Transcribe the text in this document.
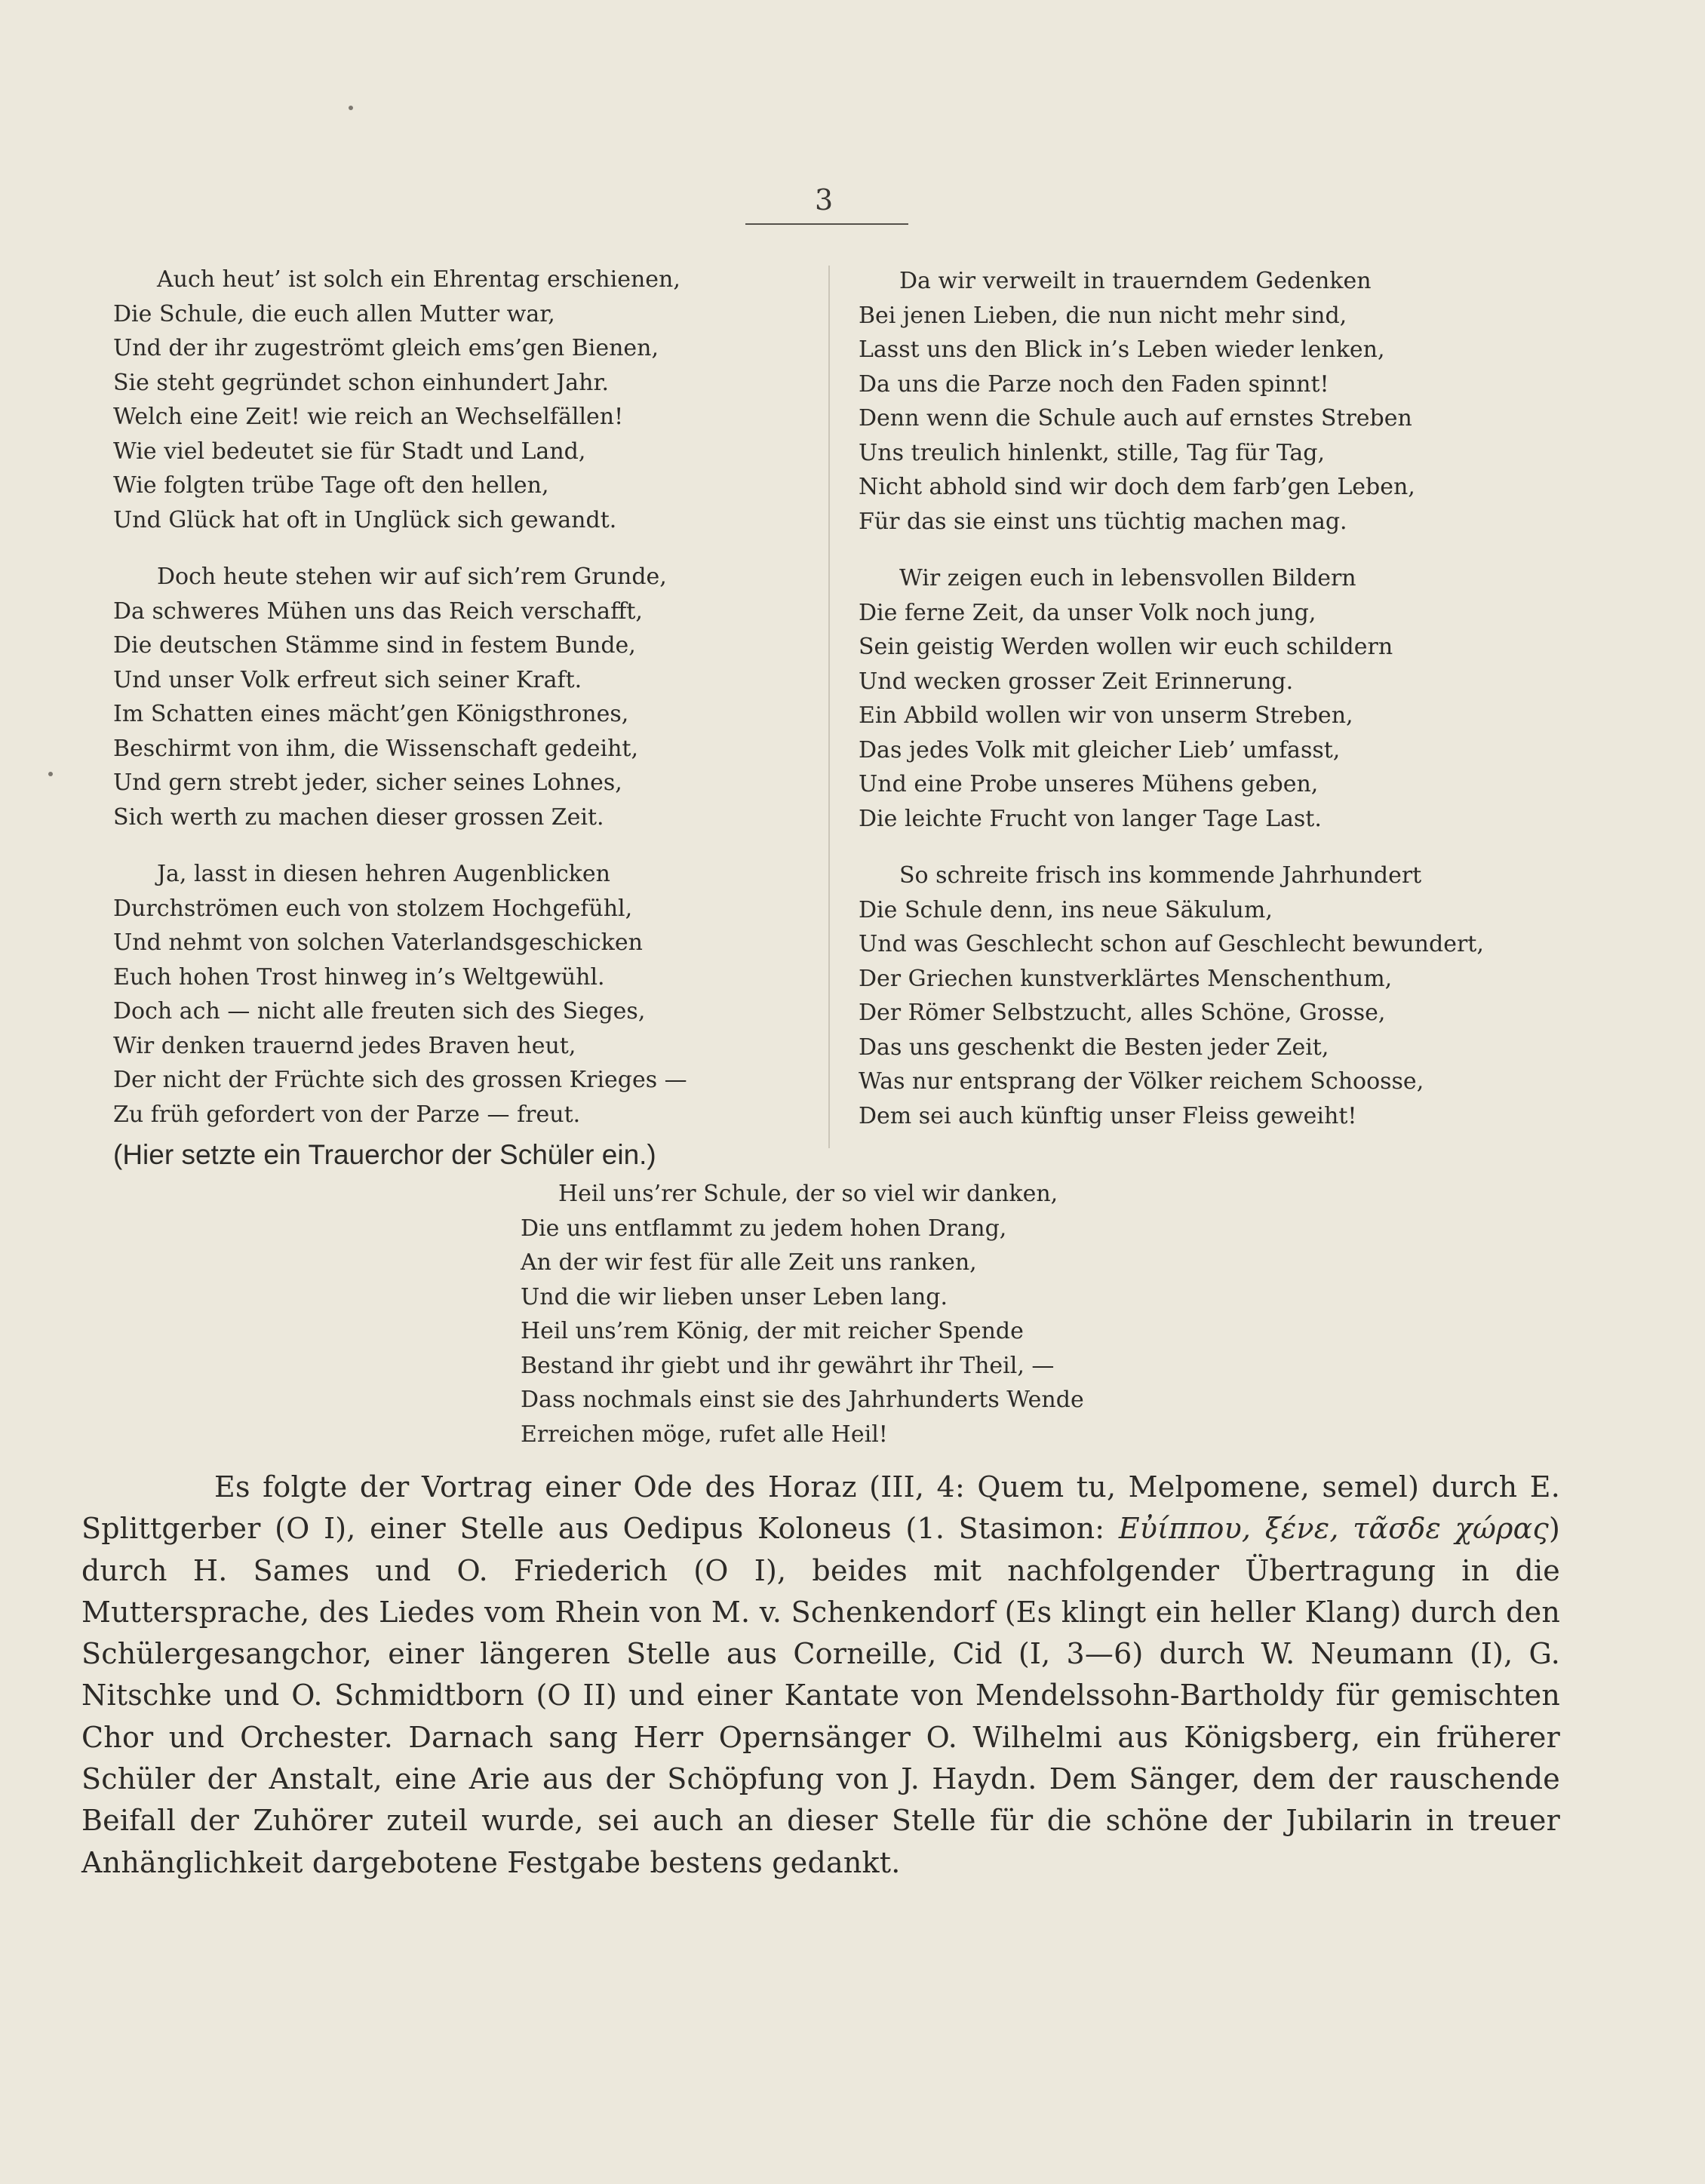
3
Auch heut’ ist solch ein Ehrentag erschienen,
Die Schule, die euch allen Mutter war,
Und der ihr zugeströmt gleich ems’gen Bienen,
Sie steht gegründet schon einhundert Jahr.
Welch eine Zeit! wie reich an Wechselfällen!
Wie viel bedeutet sie für Stadt und Land,
Wie folgten trübe Tage oft den hellen,
Und Glück hat oft in Unglück sich gewandt.
Doch heute stehen wir auf sich’rem Grunde,
Da schweres Mühen uns das Reich verschafft,
Die deutschen Stämme sind in festem Bunde,
Und unser Volk erfreut sich seiner Kraft.
Im Schatten eines mächt’gen Königsthrones,
Beschirmt von ihm, die Wissenschaft gedeiht,
Und gern strebt jeder, sicher seines Lohnes,
Sich werth zu machen dieser grossen Zeit.
Ja, lasst in diesen hehren Augenblicken
Durchströmen euch von stolzem Hochgefühl,
Und nehmt von solchen Vaterlandsgeschicken
Euch hohen Trost hinweg in’s Weltgewühl.
Doch ach — nicht alle freuten sich des Sieges,
Wir denken trauernd jedes Braven heut,
Der nicht der Früchte sich des grossen Krieges —
Zu früh gefordert von der Parze — freut.
(Hier setzte ein Trauerchor der Schüler ein.)
Da wir verweilt in trauerndem Gedenken
Bei jenen Lieben, die nun nicht mehr sind,
Lasst uns den Blick in’s Leben wieder lenken,
Da uns die Parze noch den Faden spinnt!
Denn wenn die Schule auch auf ernstes Streben
Uns treulich hinlenkt, stille, Tag für Tag,
Nicht abhold sind wir doch dem farb’gen Leben,
Für das sie einst uns tüchtig machen mag.
Wir zeigen euch in lebensvollen Bildern
Die ferne Zeit, da unser Volk noch jung,
Sein geistig Werden wollen wir euch schildern
Und wecken grosser Zeit Erinnerung.
Ein Abbild wollen wir von unserm Streben,
Das jedes Volk mit gleicher Lieb’ umfasst,
Und eine Probe unseres Mühens geben,
Die leichte Frucht von langer Tage Last.
So schreite frisch ins kommende Jahrhundert
Die Schule denn, ins neue Säkulum,
Und was Geschlecht schon auf Geschlecht bewundert,
Der Griechen kunstverklärtes Menschenthum,
Der Römer Selbstzucht, alles Schöne, Grosse,
Das uns geschenkt die Besten jeder Zeit,
Was nur entsprang der Völker reichem Schoosse,
Dem sei auch künftig unser Fleiss geweiht!
Heil uns’rer Schule, der so viel wir danken,
Die uns entflammt zu jedem hohen Drang,
An der wir fest für alle Zeit uns ranken,
Und die wir lieben unser Leben lang.
Heil uns’rem König, der mit reicher Spende
Bestand ihr giebt und ihr gewährt ihr Theil, —
Dass nochmals einst sie des Jahrhunderts Wende
Erreichen möge, rufet alle Heil!
Es folgte der Vortrag einer Ode des Horaz (III, 4: Quem tu, Melpomene, semel) durch E. Splittgerber (O I), einer Stelle aus Oedipus Koloneus (1. Stasimon: Εὐίππου, ξένε, τᾶσδε χώρας) durch H. Sames und O. Friederich (O I), beides mit nachfolgender Übertragung in die Muttersprache, des Liedes vom Rhein von M. v. Schenkendorf (Es klingt ein heller Klang) durch den Schülergesangchor, einer längeren Stelle aus Corneille, Cid (I, 3—6) durch W. Neumann (I), G. Nitschke und O. Schmidtborn (O II) und einer Kantate von Mendelssohn-Bartholdy für gemischten Chor und Orchester. Darnach sang Herr Opernsänger O. Wilhelmi aus Königsberg, ein früherer Schüler der Anstalt, eine Arie aus der Schöpfung von J. Haydn. Dem Sänger, dem der rauschende Beifall der Zuhörer zuteil wurde, sei auch an dieser Stelle für die schöne der Jubilarin in treuer Anhänglichkeit dargebotene Festgabe bestens gedankt.
